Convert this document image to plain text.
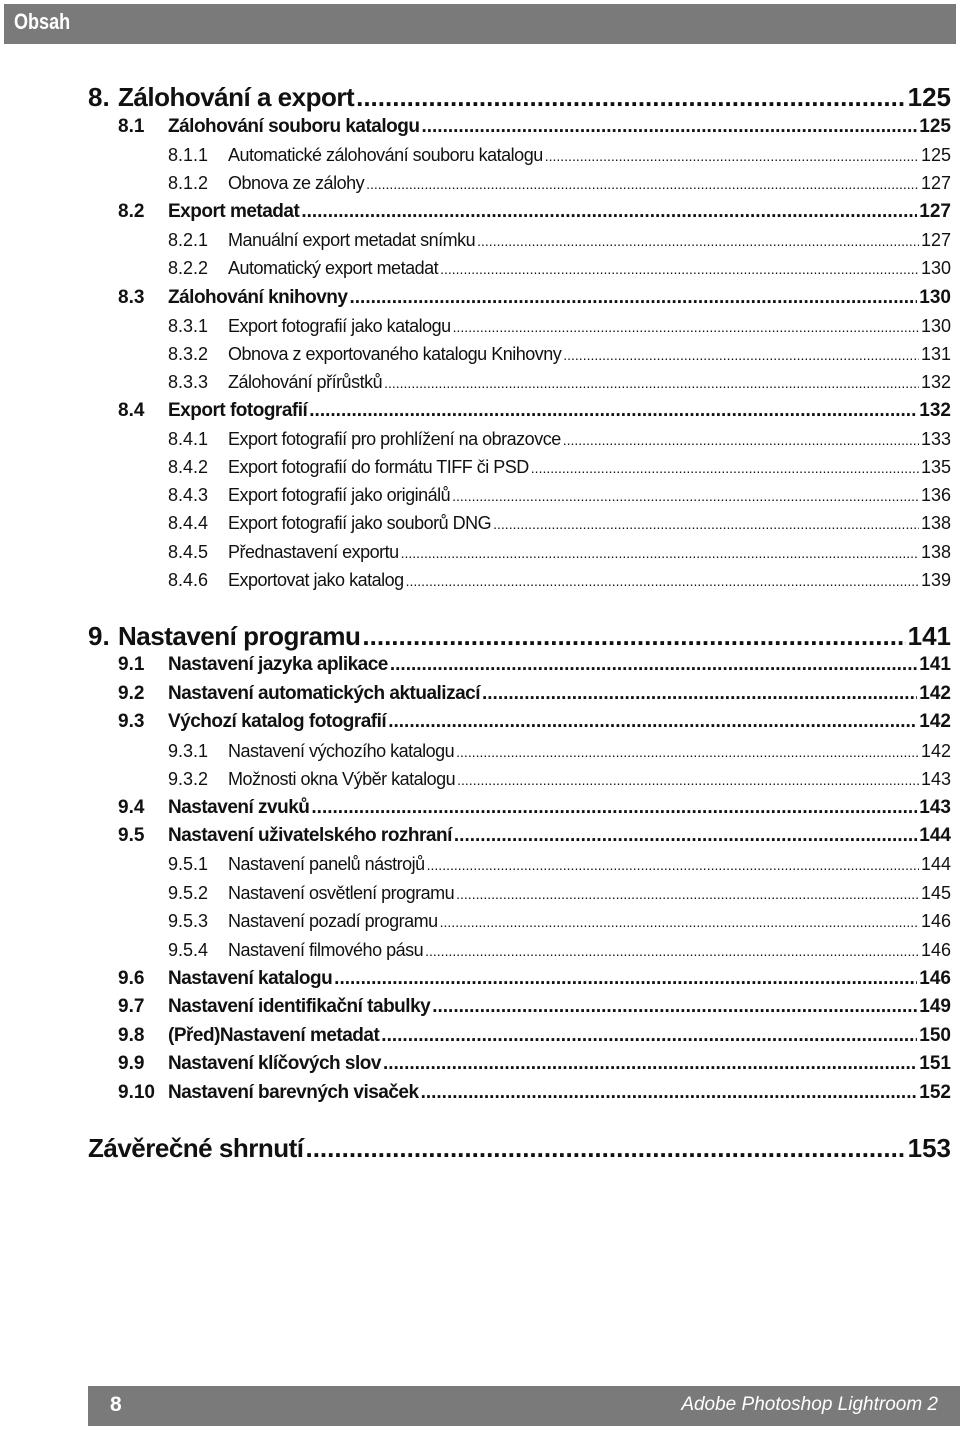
Obsah
8. Zálohování a export .....	125
8.1	Zálohování souboru katalogu .....	125
8.1.1	Automatické zálohování souboru katalogu .....	125
8.1.2	Obnova ze zálohy .....	127
8.2	Export metadat .....	127
8.2.1	Manuální export metadat snímku .....	127
8.2.2	Automatický export metadat .....	130
8.3	Zálohování knihovny .....	130
8.3.1	Export fotografií jako katalogu .....	130
8.3.2	Obnova z exportovaného katalogu Knihovny .....	131
8.3.3	Zálohování přírůstků .....	132
8.4	Export fotografií .....	132
8.4.1	Export fotografií pro prohlížení na obrazovce .....	133
8.4.2	Export fotografií do formátu TIFF či PSD .....	135
8.4.3	Export fotografií jako originálů .....	136
8.4.4	Export fotografií jako souborů DNG .....	138
8.4.5	Přednastavení exportu .....	138
8.4.6	Exportovat jako katalog .....	139
9. Nastavení programu .....	141
9.1	Nastavení jazyka aplikace .....	141
9.2	Nastavení automatických aktualizací .....	142
9.3	Výchozí katalog fotografií .....	142
9.3.1	Nastavení výchozího katalogu .....	142
9.3.2	Možnosti okna Výběr katalogu .....	143
9.4	Nastavení zvuků .....	143
9.5	Nastavení uživatelského rozhraní .....	144
9.5.1	Nastavení panelů nástrojů .....	144
9.5.2	Nastavení osvětlení programu .....	145
9.5.3	Nastavení pozadí programu .....	146
9.5.4	Nastavení filmového pásu .....	146
9.6	Nastavení katalogu .....	146
9.7	Nastavení identifikační tabulky .....	149
9.8	(Před)Nastavení metadat .....	150
9.9	Nastavení klíčových slov .....	151
9.10 Nastavení barevných visaček .....	152
Závěrečné shrnutí .....	153
8	Adobe Photoshop Lightroom 2
